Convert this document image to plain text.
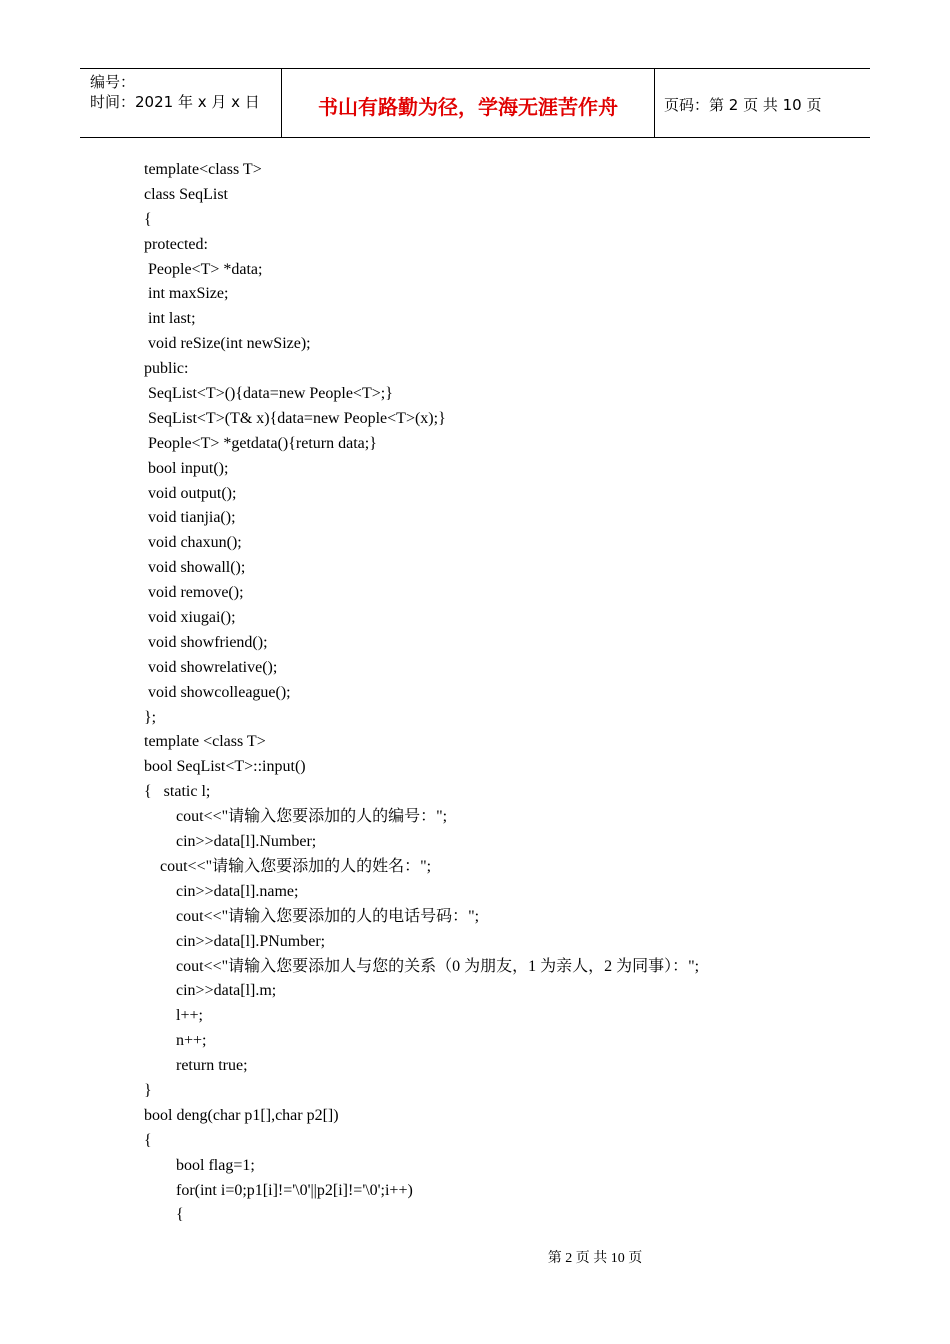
编号：
时间：2021 年 x 月 x 日	书山有路勤为径，学海无涯苦作舟	页码：第 2 页 共 10 页
template<class T>
class SeqList
{
protected:
People<T> *data;
int maxSize;
int last;
void reSize(int newSize);
public:
SeqList<T>(){data=new People<T>;}
SeqList<T>(T& x){data=new People<T>(x);}
People<T> *getdata(){return data;}
bool input();
void output();
void tianjia();
void chaxun();
void showall();
void remove();
void xiugai();
void showfriend();
void showrelative();
void showcolleague();
};
template <class T>
bool SeqList<T>::input()
{   static l;
cout<<"请输入您要添加的人的编号：";
cin>>data[l].Number;
cout<<"请输入您要添加的人的姓名：";
cin>>data[l].name;
cout<<"请输入您要添加的人的电话号码：";
cin>>data[l].PNumber;
cout<<"请输入您要添加人与您的关系（0 为朋友，1 为亲人，2 为同事）：";
cin>>data[l].m;
l++;
n++;
return true;
}
bool deng(char p1[],char p2[])
{
bool flag=1;
for(int i=0;p1[i]!='\0'||p2[i]!='\0';i++)
{
第 2 页 共 10 页
